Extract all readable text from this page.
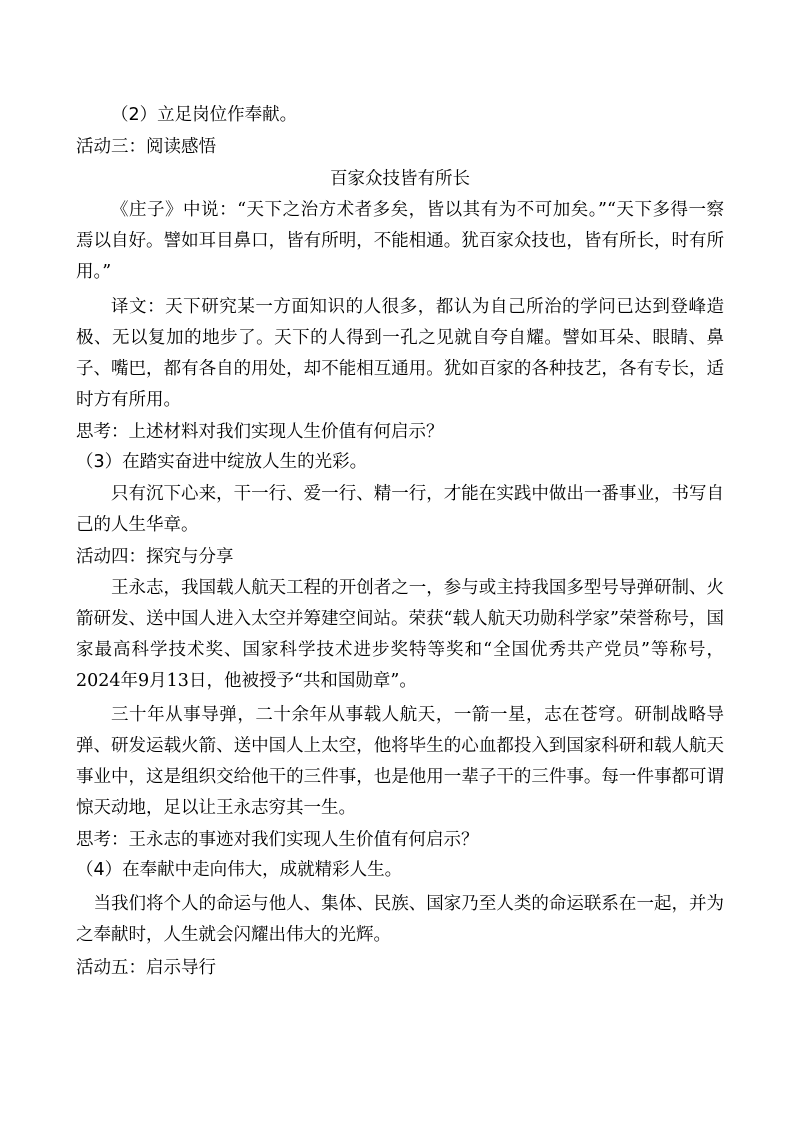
（2）立足岗位作奉献。

活动三：阅读感悟

百家众技皆有所长

《庄子》中说：“天下之治方术者多矣，皆以其有为不可加矣。”“天下多得一察焉以自好。譬如耳目鼻口，皆有所明，不能相通。犹百家众技也，皆有所长，时有所用。”

译文：天下研究某一方面知识的人很多，都认为自己所治的学问已达到登峰造极、无以复加的地步了。天下的人得到一孔之见就自夸自耀。譬如耳朵、眼睛、鼻子、嘴巴，都有各自的用处，却不能相互通用。犹如百家的各种技艺，各有专长，适时方有所用。

思考：上述材料对我们实现人生价值有何启示？

（3）在踏实奋进中绽放人生的光彩。

只有沉下心来，干一行、爱一行、精一行，才能在实践中做出一番事业，书写自己的人生华章。

活动四：探究与分享

王永志，我国载人航天工程的开创者之一，参与或主持我国多型号导弹研制、火箭研发、送中国人进入太空并筹建空间站。荣获“载人航天功勋科学家”荣誉称号，国家最高科学技术奖、国家科学技术进步奖特等奖和“全国优秀共产党员”等称号，2024年9月13日，他被授予“共和国勋章”。

三十年从事导弹，二十余年从事载人航天，一箭一星，志在苍穹。研制战略导弹、研发运载火箭、送中国人上太空，他将毕生的心血都投入到国家科研和载人航天事业中，这是组织交给他干的三件事，也是他用一辈子干的三件事。每一件事都可谓惊天动地，足以让王永志穷其一生。

思考：王永志的事迹对我们实现人生价值有何启示？

（4）在奉献中走向伟大，成就精彩人生。

当我们将个人的命运与他人、集体、民族、国家乃至人类的命运联系在一起，并为之奉献时，人生就会闪耀出伟大的光辉。

活动五：启示导行
